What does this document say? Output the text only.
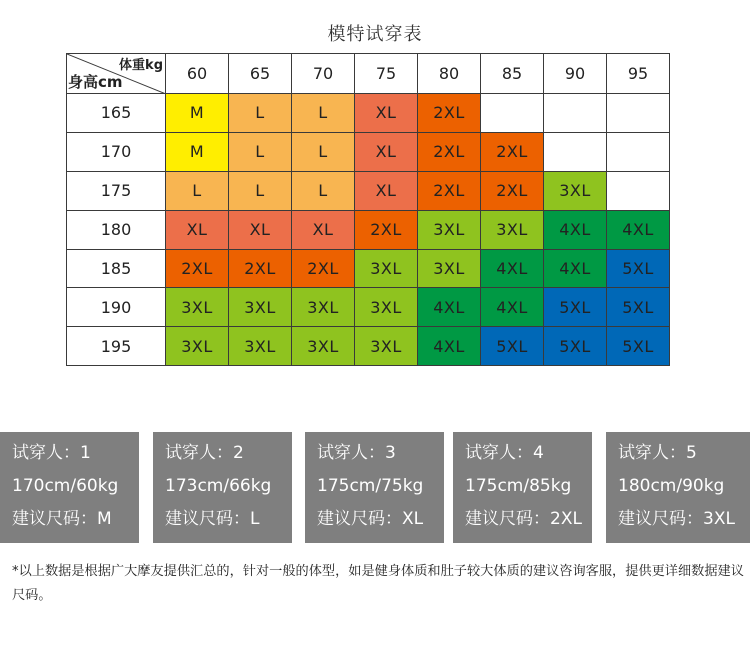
模特试穿表
体重kg
身高cm	60	65	70	75	80	85	90	95
165	M	L	L	XL	2XL			
170	M	L	L	XL	2XL	2XL		
175	L	L	L	XL	2XL	2XL	3XL	
180	XL	XL	XL	2XL	3XL	3XL	4XL	4XL
185	2XL	2XL	2XL	3XL	3XL	4XL	4XL	5XL
190	3XL	3XL	3XL	3XL	4XL	4XL	5XL	5XL
195	3XL	3XL	3XL	3XL	4XL	5XL	5XL	5XL
试穿人：1
170cm/60kg
建议尺码：M
试穿人：2
173cm/66kg
建议尺码：L
试穿人：3
175cm/75kg
建议尺码：XL
试穿人：4
175cm/85kg
建议尺码：2XL
试穿人：5
180cm/90kg
建议尺码：3XL
*以上数据是根据广大摩友提供汇总的，针对一般的体型，如是健身体质和肚子较大体质的建议咨询客服，提供更详细数据建议尺码。
